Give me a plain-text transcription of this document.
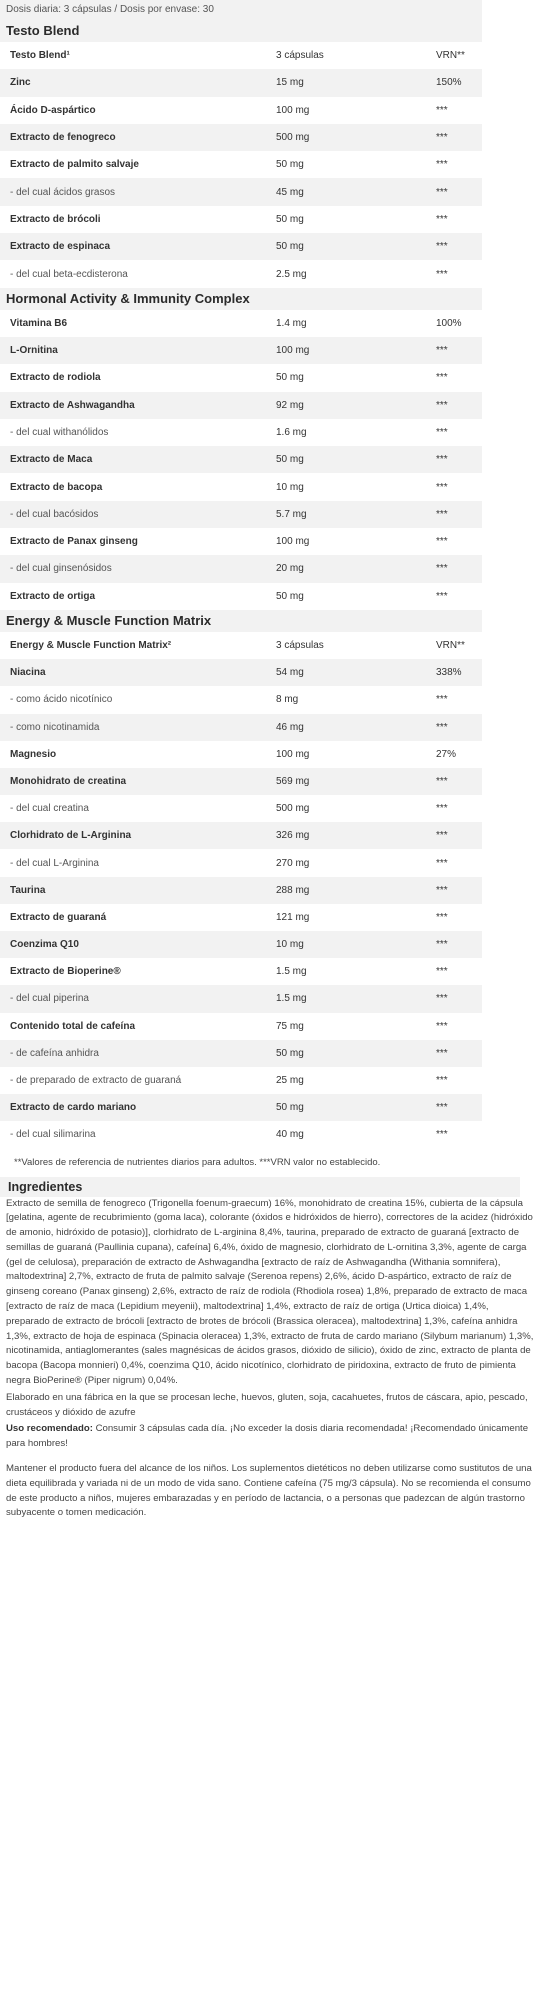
Dosis diaria: 3 cápsulas / Dosis por envase: 30
Testo Blend
Testo Blend¹	3 cápsulas	VRN**
Zinc	15 mg	150%
Ácido D-aspártico	100 mg	***
Extracto de fenogreco	500 mg	***
Extracto de palmito salvaje	50 mg	***
- del cual ácidos grasos	45 mg	***
Extracto de brócoli	50 mg	***
Extracto de espinaca	50 mg	***
- del cual beta-ecdisterona	2.5 mg	***
Hormonal Activity & Immunity Complex
Vitamina B6	1.4 mg	100%
L-Ornitina	100 mg	***
Extracto de rodiola	50 mg	***
Extracto de Ashwagandha	92 mg	***
- del cual withanólidos	1.6 mg	***
Extracto de Maca	50 mg	***
Extracto de bacopa	10 mg	***
- del cual bacósidos	5.7 mg	***
Extracto de Panax ginseng	100 mg	***
- del cual ginsenósidos	20 mg	***
Extracto de ortiga	50 mg	***
Energy & Muscle Function Matrix
Energy & Muscle Function Matrix²	3 cápsulas	VRN**
Niacina	54 mg	338%
- como ácido nicotínico	8 mg	***
- como nicotinamida	46 mg	***
Magnesio	100 mg	27%
Monohidrato de creatina	569 mg	***
- del cual creatina	500 mg	***
Clorhidrato de L-Arginina	326 mg	***
- del cual L-Arginina	270 mg	***
Taurina	288 mg	***
Extracto de guaraná	121 mg	***
Coenzima Q10	10 mg	***
Extracto de Bioperine®	1.5 mg	***
- del cual piperina	1.5 mg	***
Contenido total de cafeína	75 mg	***
- de cafeína anhidra	50 mg	***
- de preparado de extracto de guaraná	25 mg	***
Extracto de cardo mariano	50 mg	***
- del cual silimarina	40 mg	***
**Valores de referencia de nutrientes diarios para adultos. ***VRN valor no establecido.
Ingredientes

Extracto de semilla de fenogreco (Trigonella foenum-graecum) 16%, monohidrato de creatina 15%, cubierta de la cápsula [gelatina, agente de recubrimiento (goma laca), colorante (óxidos e hidróxidos de hierro), correctores de la acidez (hidróxido de amonio, hidróxido de potasio)], clorhidrato de L-arginina 8,4%, taurina, preparado de extracto de guaraná [extracto de semillas de guaraná (Paullinia cupana), cafeína] 6,4%, óxido de magnesio, clorhidrato de L-ornitina 3,3%, agente de carga (gel de celulosa), preparación de extracto de Ashwagandha [extracto de raíz de Ashwagandha (Withania somnifera), maltodextrina] 2,7%, extracto de fruta de palmito salvaje (Serenoa repens) 2,6%, ácido D-aspártico, extracto de raíz de ginseng coreano (Panax ginseng) 2,6%, extracto de raíz de rodiola (Rhodiola rosea) 1,8%, preparado de extracto de maca [extracto de raíz de maca (Lepidium meyenii), maltodextrina] 1,4%, extracto de raíz de ortiga (Urtica dioica) 1,4%, preparado de extracto de brócoli [extracto de brotes de brócoli (Brassica oleracea), maltodextrina] 1,3%, cafeína anhidra 1,3%, extracto de hoja de espinaca (Spinacia oleracea) 1,3%, extracto de fruta de cardo mariano (Silybum marianum) 1,3%, nicotinamida, antiaglomerantes (sales magnésicas de ácidos grasos, dióxido de silicio), óxido de zinc, extracto de planta de bacopa (Bacopa monnieri) 0,4%, coenzima Q10, ácido nicotínico, clorhidrato de piridoxina, extracto de fruto de pimienta negra BioPerine® (Piper nigrum) 0,04%.

Elaborado en una fábrica en la que se procesan leche, huevos, gluten, soja, cacahuetes, frutos de cáscara, apio, pescado, crustáceos y dióxido de azufre

Uso recomendado: Consumir 3 cápsulas cada día. ¡No exceder la dosis diaria recomendada! ¡Recomendado únicamente para hombres!

Mantener el producto fuera del alcance de los niños. Los suplementos dietéticos no deben utilizarse como sustitutos de una dieta equilibrada y variada ni de un modo de vida sano. Contiene cafeína (75 mg/3 cápsula). No se recomienda el consumo de este producto a niños, mujeres embarazadas y en período de lactancia, o a personas que padezcan de algún trastorno subyacente o tomen medicación.
